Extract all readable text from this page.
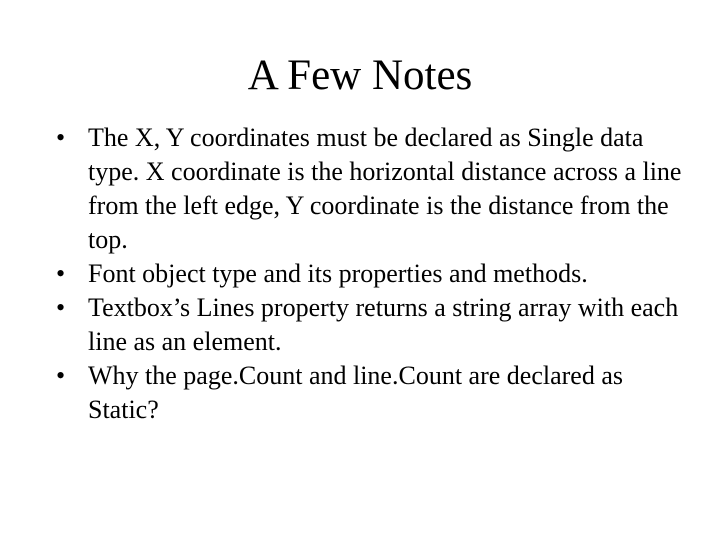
A Few Notes
• The X, Y coordinates must be declared as Single data type. X coordinate is the horizontal distance across a line from the left edge, Y coordinate is the distance from the top.
• Font object type and its properties and methods.
• Textbox’s Lines property returns a string array with each line as an element.
• Why the page.Count and line.Count are declared as Static?
